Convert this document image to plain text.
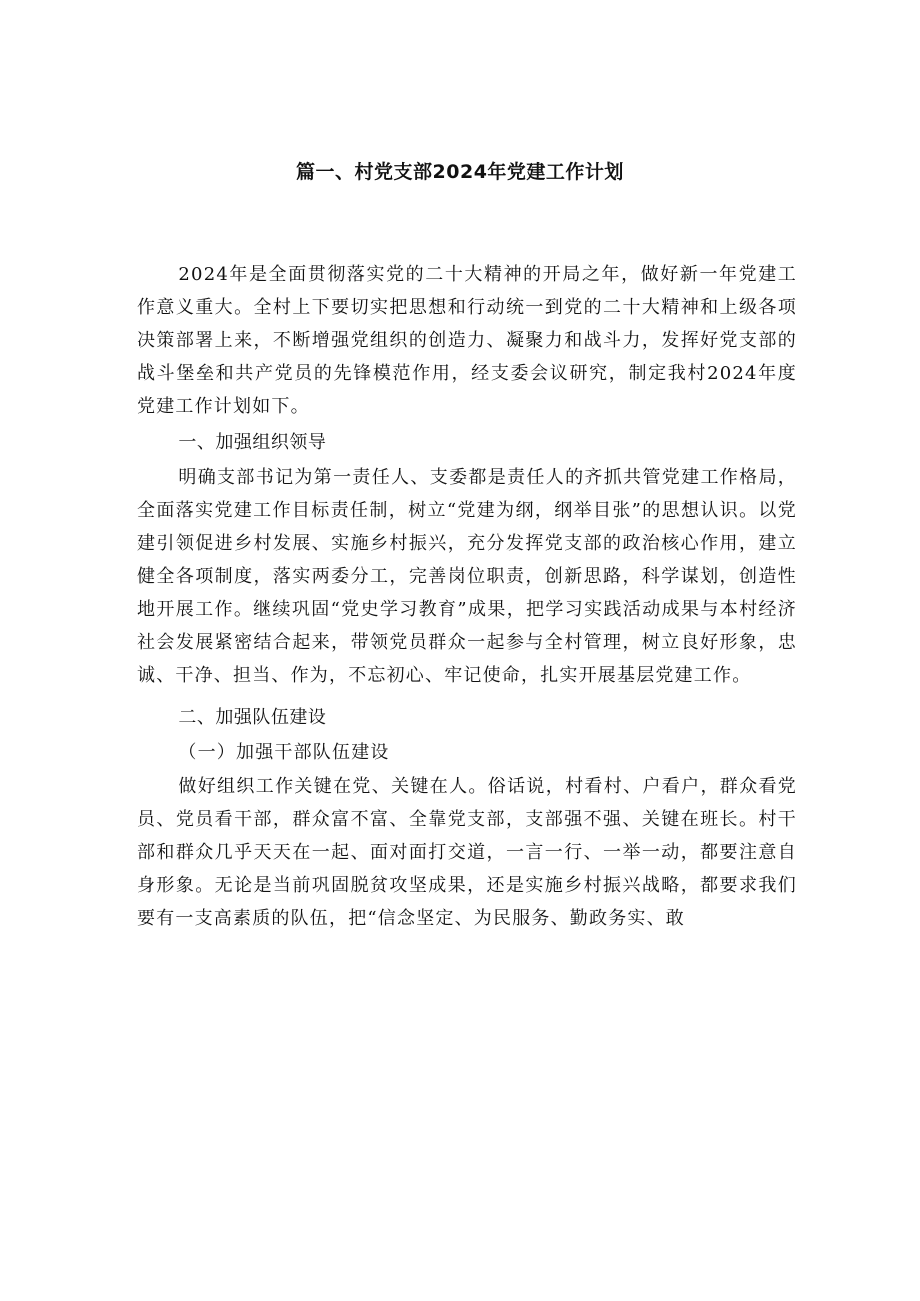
篇一、村党支部2024年党建工作计划

2024年是全面贯彻落实党的二十大精神的开局之年，做好新一年党建工作意义重大。全村上下要切实把思想和行动统一到党的二十大精神和上级各项决策部署上来，不断增强党组织的创造力、凝聚力和战斗力，发挥好党支部的战斗堡垒和共产党员的先锋模范作用，经支委会议研究，制定我村2024年度党建工作计划如下。

一、加强组织领导

明确支部书记为第一责任人、支委都是责任人的齐抓共管党建工作格局，全面落实党建工作目标责任制，树立“党建为纲，纲举目张”的思想认识。以党建引领促进乡村发展、实施乡村振兴，充分发挥党支部的政治核心作用，建立健全各项制度，落实两委分工，完善岗位职责，创新思路，科学谋划，创造性地开展工作。继续巩固“党史学习教育”成果，把学习实践活动成果与本村经济社会发展紧密结合起来，带领党员群众一起参与全村管理，树立良好形象，忠诚、干净、担当、作为，不忘初心、牢记使命，扎实开展基层党建工作。

二、加强队伍建设

（一）加强干部队伍建设

做好组织工作关键在党、关键在人。俗话说，村看村、户看户，群众看党员、党员看干部，群众富不富、全靠党支部，支部强不强、关键在班长。村干部和群众几乎天天在一起、面对面打交道，一言一行、一举一动，都要注意自身形象。无论是当前巩固脱贫攻坚成果，还是实施乡村振兴战略，都要求我们要有一支高素质的队伍，把“信念坚定、为民服务、勤政务实、敢
